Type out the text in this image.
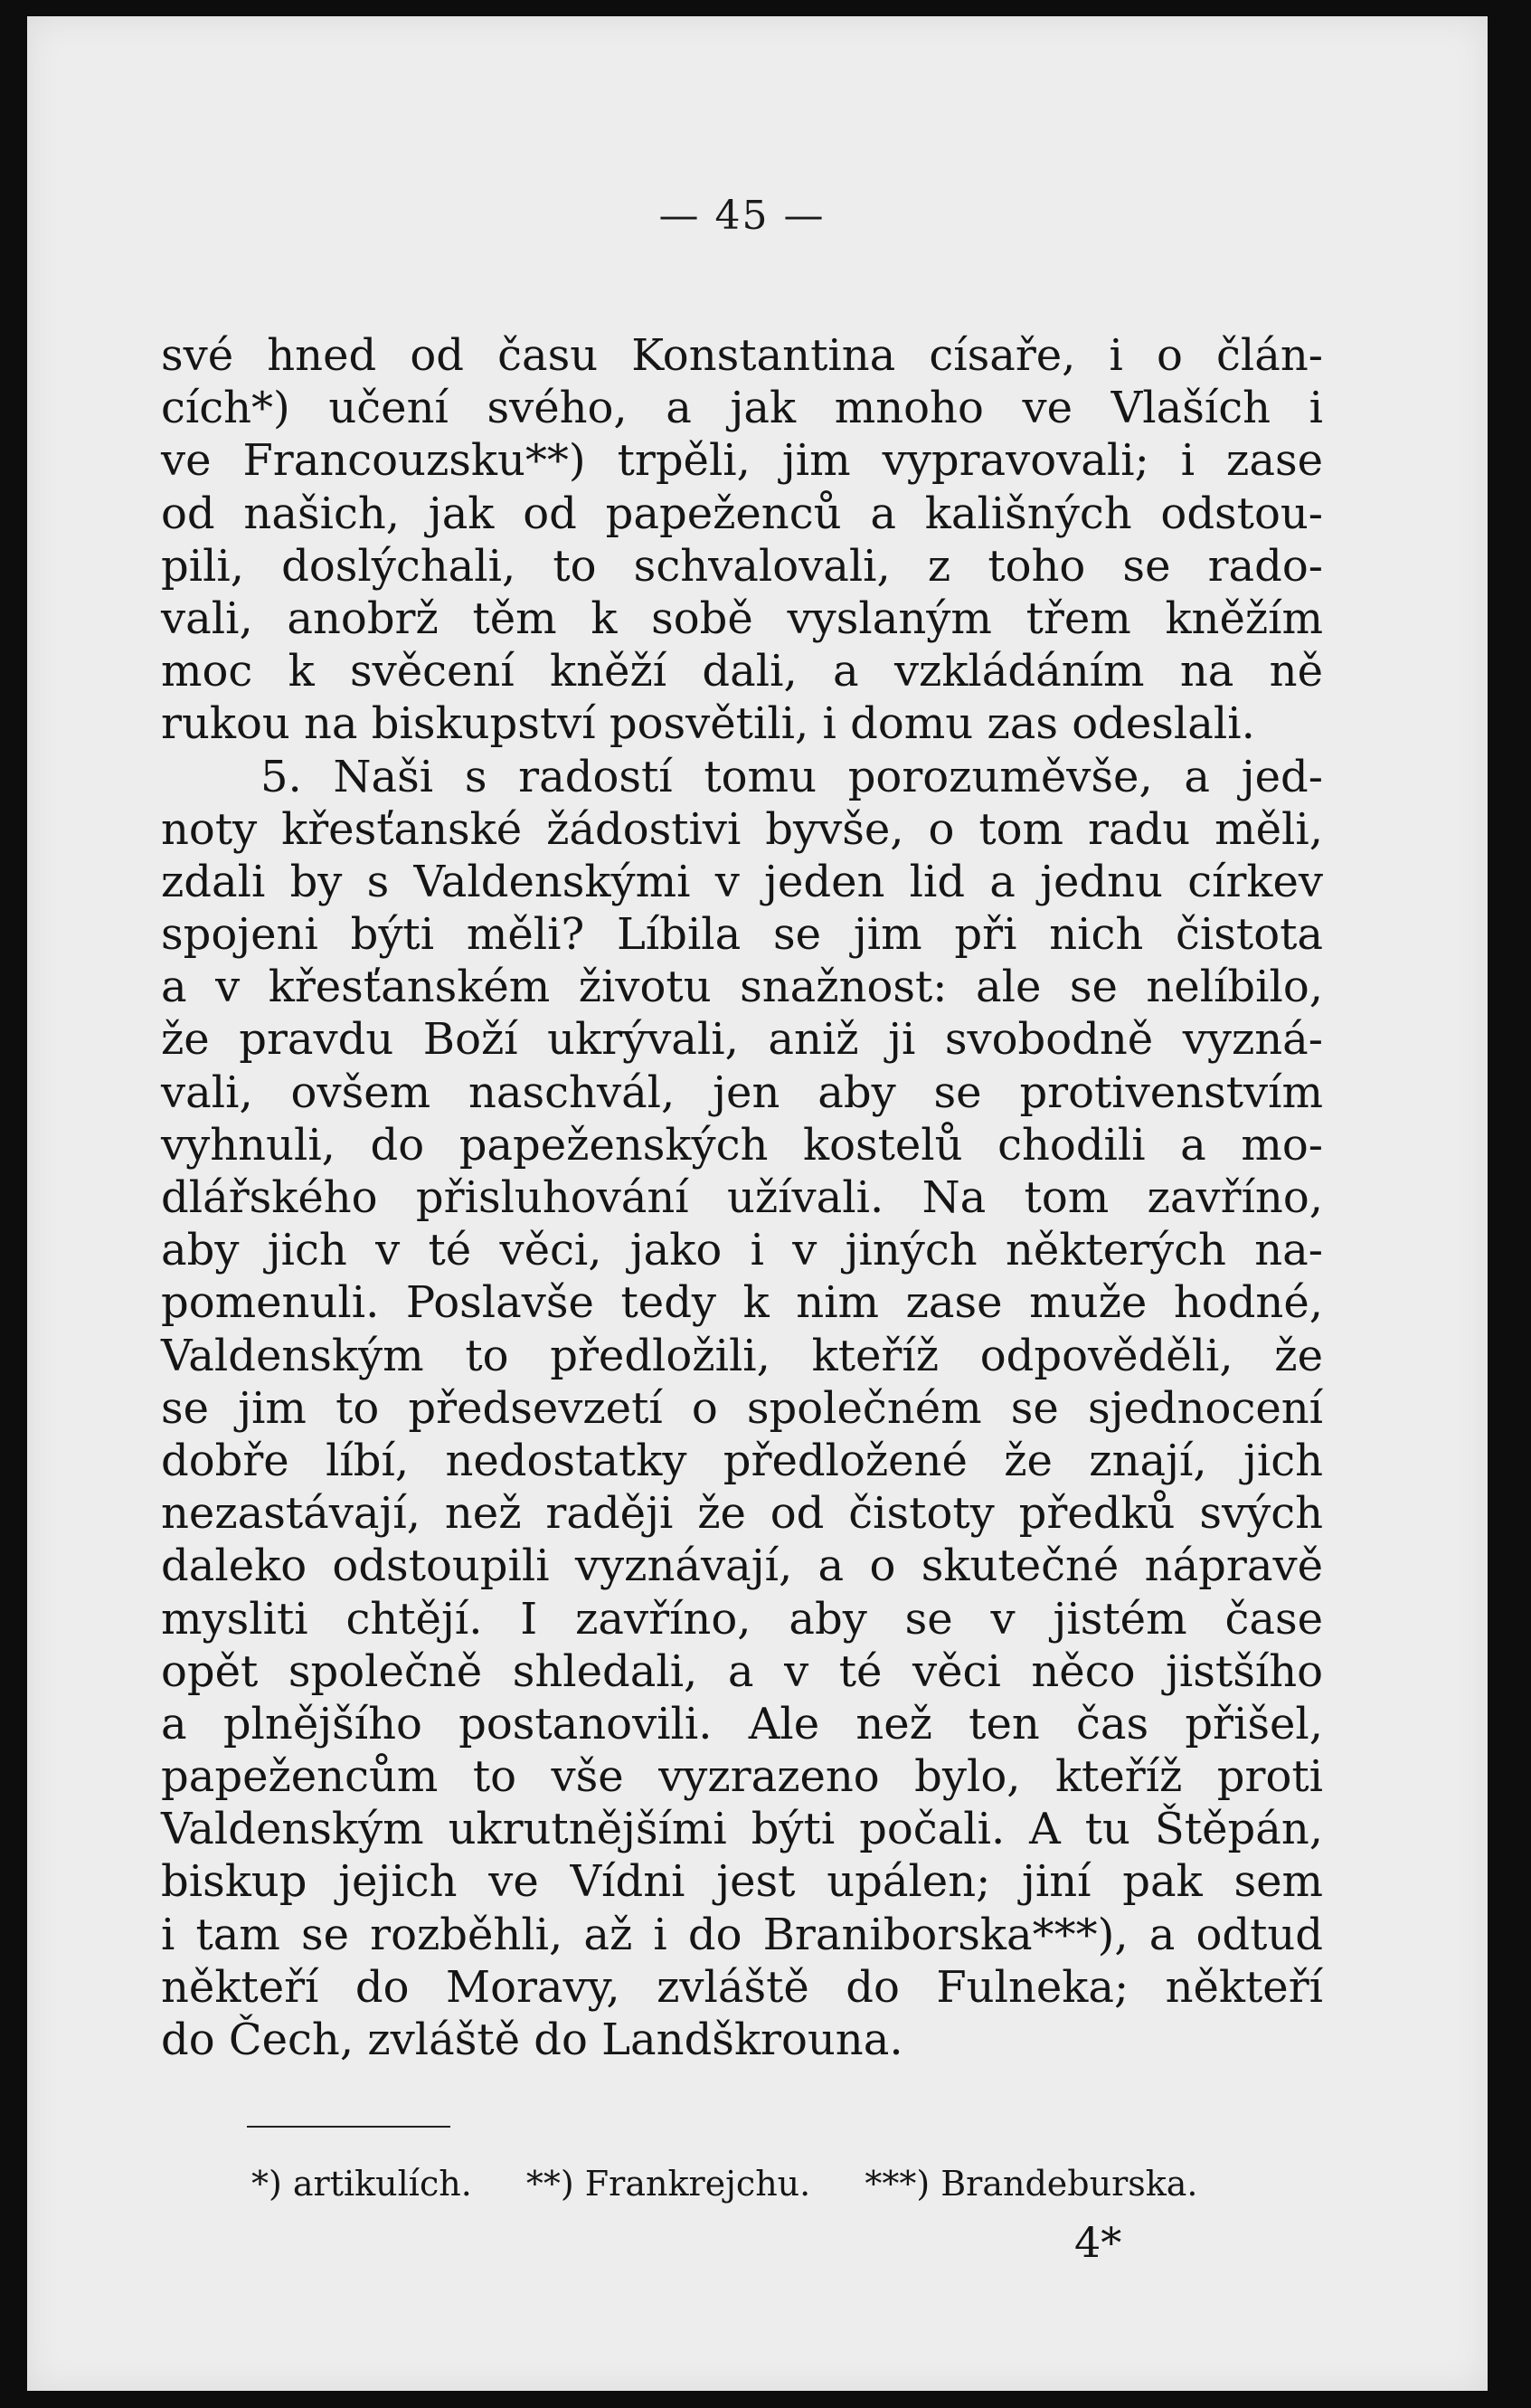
— 45 —
své hned od času Konstantina císaře, i o člán-
cích*) učení svého, a jak mnoho ve Vlaších i
ve Francouzsku**) trpěli, jim vypravovali; i zase
od našich, jak od papeženců a kališných odstou-
pili, doslýchali, to schvalovali, z toho se rado-
vali, anobrž těm k sobě vyslaným třem kněžím
moc k svěcení kněží dali, a vzkládáním na ně
rukou na biskupství posvětili, i domu zas odeslali.
5. Naši s radostí tomu porozuměvše, a jed-
noty křesťanské žádostivi byvše, o tom radu měli,
zdali by s Valdenskými v jeden lid a jednu církev
spojeni býti měli? Líbila se jim při nich čistota
a v křesťanském životu snažnost: ale se nelíbilo,
že pravdu Boží ukrývali, aniž ji svobodně vyzná-
vali, ovšem naschvál, jen aby se protivenstvím
vyhnuli, do papeženských kostelů chodili a mo-
dlářského přisluhování užívali. Na tom zavříno,
aby jich v té věci, jako i v jiných některých na-
pomenuli. Poslavše tedy k nim zase muže hodné,
Valdenským to předložili, kteříž odpověděli, že
se jim to předsevzetí o společném se sjednocení
dobře líbí, nedostatky předložené že znají, jich
nezastávají, než raději že od čistoty předků svých
daleko odstoupili vyznávají, a o skutečné nápravě
mysliti chtějí. I zavříno, aby se v jistém čase
opět společně shledali, a v té věci něco jistšího
a plnějšího postanovili. Ale než ten čas přišel,
papežencům to vše vyzrazeno bylo, kteříž proti
Valdenským ukrutnějšími býti počali. A tu Štěpán,
biskup jejich ve Vídni jest upálen; jiní pak sem
i tam se rozběhli, až i do Braniborska***), a odtud
někteří do Moravy, zvláště do Fulneka; někteří
do Čech, zvláště do Landškrouna.
*) artikulích. **) Frankrejchu. ***) Brandeburska.
4*
